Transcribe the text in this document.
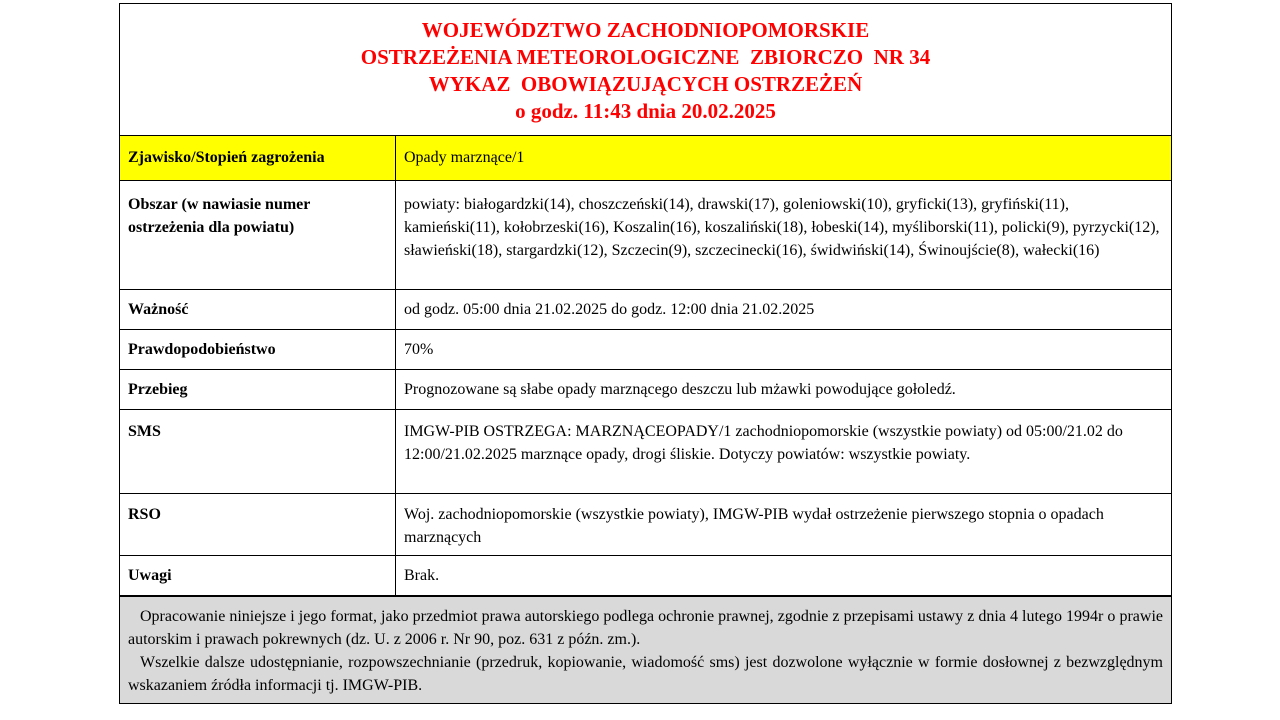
WOJEWÓDZTWO ZACHODNIOPOMORSKIE
OSTRZEŻENIA METEOROLOGICZNE  ZBIORCZO  NR 34
WYKAZ  OBOWIĄZUJĄCYCH OSTRZEŻEŃ
o godz. 11:43 dnia 20.02.2025
Zjawisko/Stopień zagrożenia	Opady marznące/1
Obszar (w nawiasie numer ostrzeżenia dla powiatu)	powiaty: białogardzki(14), choszczeński(14), drawski(17), goleniowski(10), gryficki(13), gryfiński(11), kamieński(11), kołobrzeski(16), Koszalin(16), koszaliński(18), łobeski(14), myśliborski(11), policki(9), pyrzycki(12), sławieński(18), stargardzki(12), Szczecin(9), szczecinecki(16), świdwiński(14), Świnoujście(8), wałecki(16)
Ważność	od godz. 05:00 dnia 21.02.2025 do godz. 12:00 dnia 21.02.2025
Prawdopodobieństwo	70%
Przebieg	Prognozowane są słabe opady marznącego deszczu lub mżawki powodujące gołoledź.
SMS	IMGW-PIB OSTRZEGA: MARZNĄCEOPADY/1 zachodniopomorskie (wszystkie powiaty) od 05:00/21.02 do 12:00/21.02.2025 marznące opady, drogi śliskie. Dotyczy powiatów: wszystkie powiaty.
RSO	Woj. zachodniopomorskie (wszystkie powiaty), IMGW-PIB wydał ostrzeżenie pierwszego stopnia o opadach marznących
Uwagi	Brak.

Opracowanie niniejsze i jego format, jako przedmiot prawa autorskiego podlega ochronie prawnej, zgodnie z przepisami ustawy z dnia 4 lutego 1994r o prawie autorskim i prawach pokrewnych (dz. U. z 2006 r. Nr 90, poz. 631 z późn. zm.).

Wszelkie dalsze udostępnianie, rozpowszechnianie (przedruk, kopiowanie, wiadomość sms) jest dozwolone wyłącznie w formie dosłownej z bezwzględnym wskazaniem źródła informacji tj. IMGW-PIB.
